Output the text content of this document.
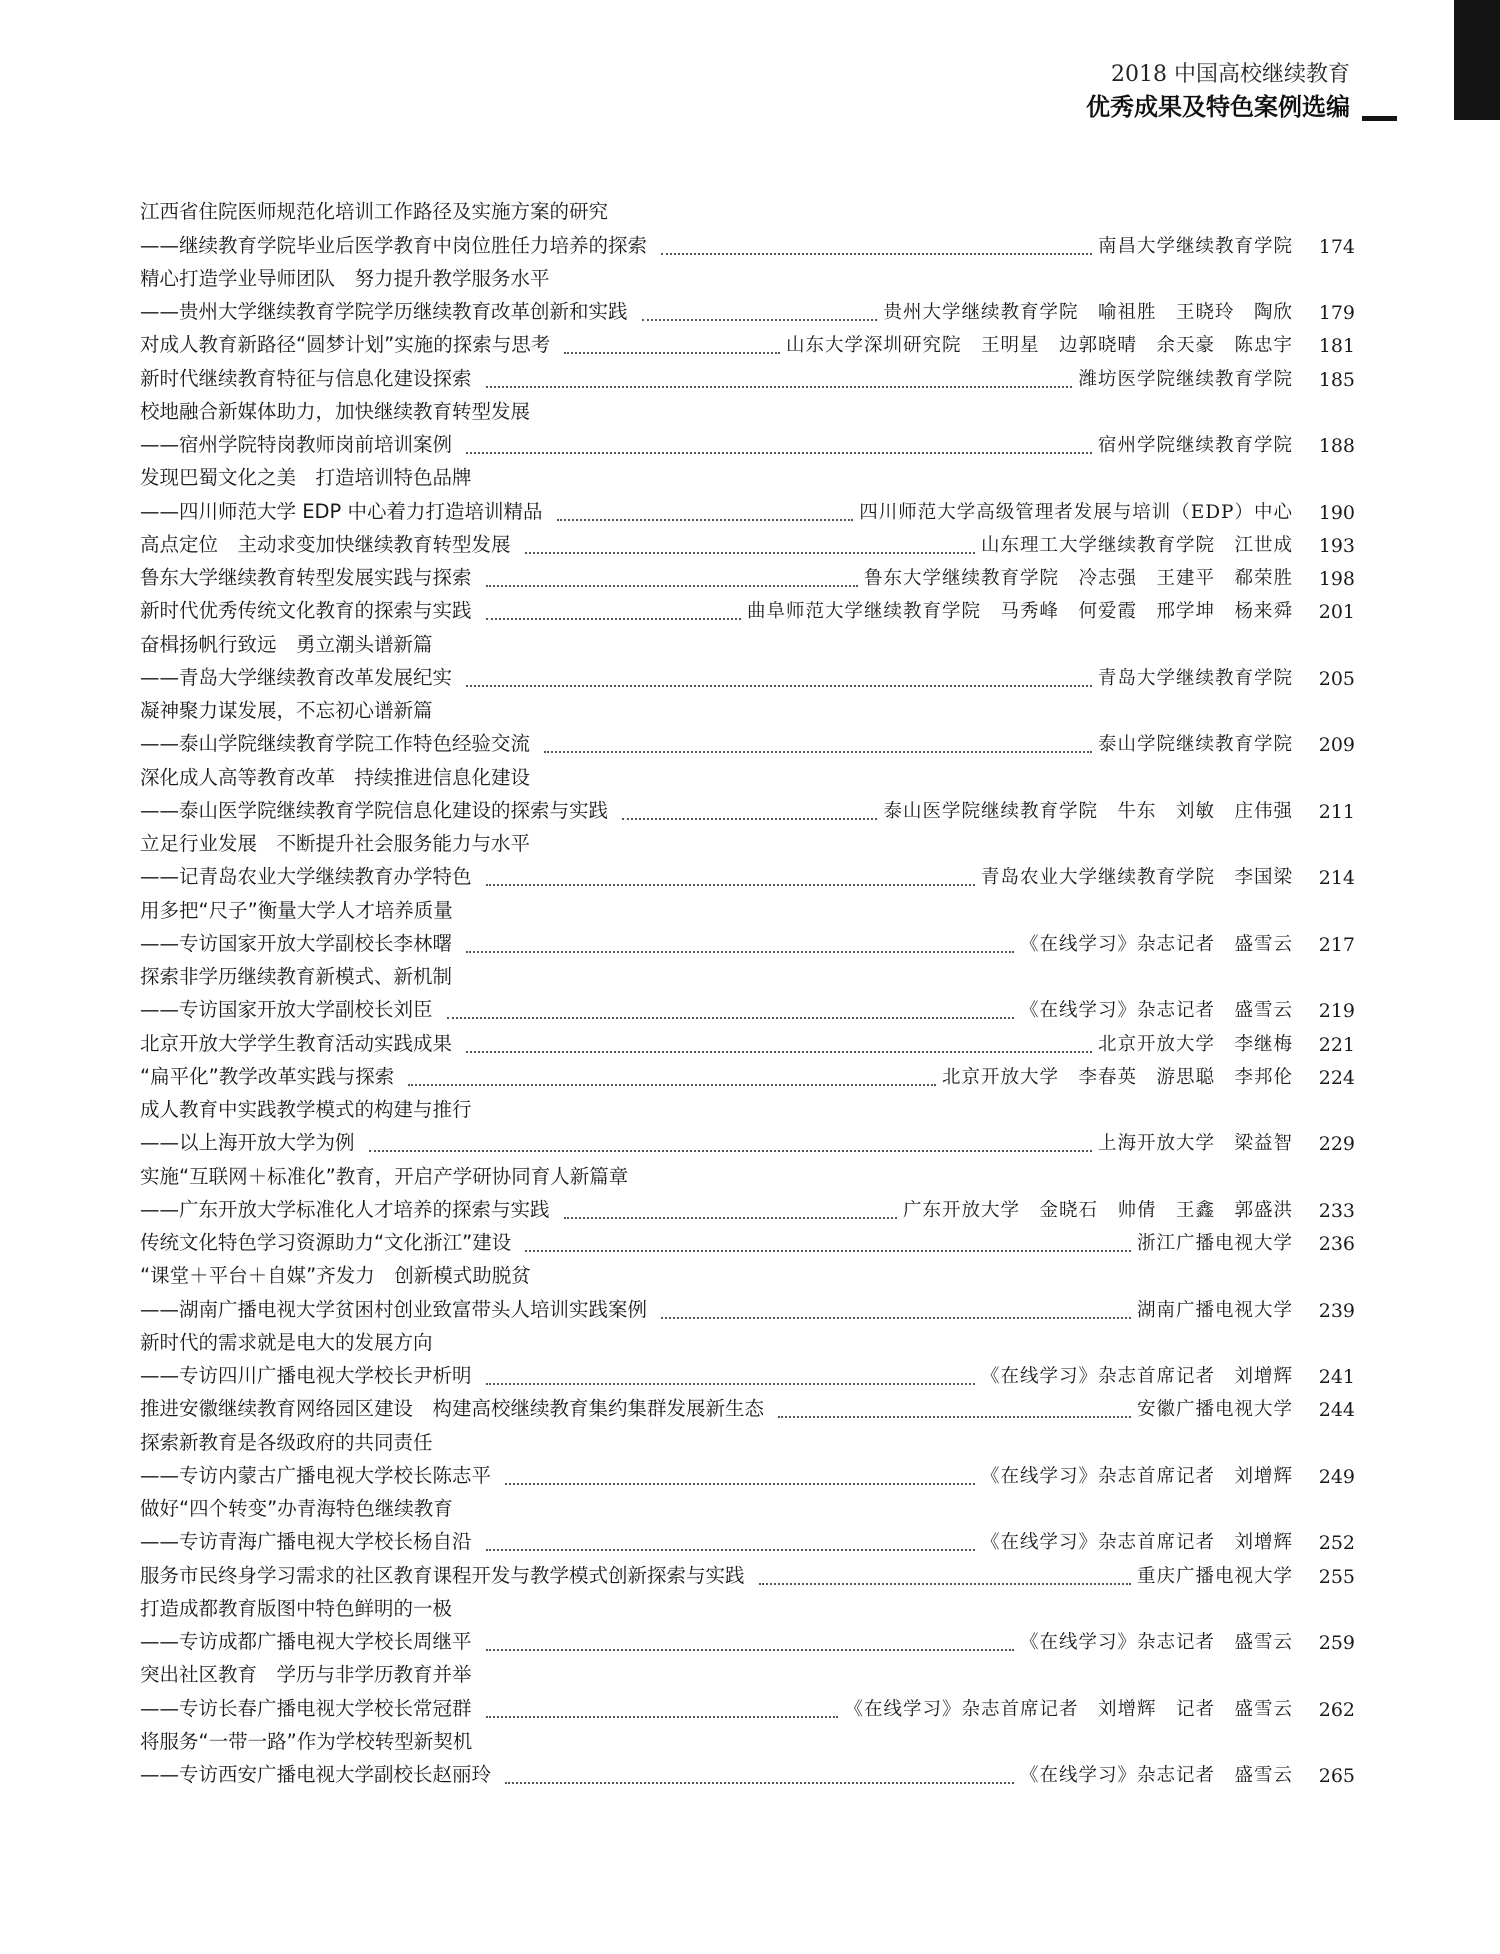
2018 中国高校继续教育
优秀成果及特色案例选编
江西省住院医师规范化培训工作路径及实施方案的研究
——继续教育学院毕业后医学教育中岗位胜任力培养的探索	南昌大学继续教育学院 174
精心打造学业导师团队　努力提升教学服务水平
——贵州大学继续教育学院学历继续教育改革创新和实践	贵州大学继续教育学院　喻祖胜　王晓玲　陶欣 179
对成人教育新路径“圆梦计划”实施的探索与思考	山东大学深圳研究院　王明星　边郭晓晴　余天豪　陈忠宇 181
新时代继续教育特征与信息化建设探索	潍坊医学院继续教育学院 185
校地融合新媒体助力，加快继续教育转型发展
——宿州学院特岗教师岗前培训案例	宿州学院继续教育学院 188
发现巴蜀文化之美　打造培训特色品牌
——四川师范大学 EDP 中心着力打造培训精品	四川师范大学高级管理者发展与培训（EDP）中心 190
高点定位　主动求变加快继续教育转型发展	山东理工大学继续教育学院　江世成 193
鲁东大学继续教育转型发展实践与探索	鲁东大学继续教育学院　冷志强　王建平　郗荣胜 198
新时代优秀传统文化教育的探索与实践	曲阜师范大学继续教育学院　马秀峰　何爱霞　邢学坤　杨来舜 201
奋楫扬帆行致远　勇立潮头谱新篇
——青岛大学继续教育改革发展纪实	青岛大学继续教育学院 205
凝神聚力谋发展，不忘初心谱新篇
——泰山学院继续教育学院工作特色经验交流	泰山学院继续教育学院 209
深化成人高等教育改革　持续推进信息化建设
——泰山医学院继续教育学院信息化建设的探索与实践	泰山医学院继续教育学院　牛东　刘敏　庄伟强 211
立足行业发展　不断提升社会服务能力与水平
——记青岛农业大学继续教育办学特色	青岛农业大学继续教育学院　李国梁 214
用多把“尺子”衡量大学人才培养质量
——专访国家开放大学副校长李林曙	《在线学习》杂志记者　盛雪云 217
探索非学历继续教育新模式、新机制
——专访国家开放大学副校长刘臣	《在线学习》杂志记者　盛雪云 219
北京开放大学学生教育活动实践成果	北京开放大学　李继梅 221
“扁平化”教学改革实践与探索	北京开放大学　李春英　游思聪　李邦伦 224
成人教育中实践教学模式的构建与推行
——以上海开放大学为例	上海开放大学　梁益智 229
实施“互联网＋标准化”教育，开启产学研协同育人新篇章
——广东开放大学标准化人才培养的探索与实践	广东开放大学　金晓石　帅倩　王鑫　郭盛洪 233
传统文化特色学习资源助力“文化浙江”建设	浙江广播电视大学 236
“课堂＋平台＋自媒”齐发力　创新模式助脱贫
——湖南广播电视大学贫困村创业致富带头人培训实践案例	湖南广播电视大学 239
新时代的需求就是电大的发展方向
——专访四川广播电视大学校长尹析明	《在线学习》杂志首席记者　刘增辉 241
推进安徽继续教育网络园区建设　构建高校继续教育集约集群发展新生态	安徽广播电视大学 244
探索新教育是各级政府的共同责任
——专访内蒙古广播电视大学校长陈志平	《在线学习》杂志首席记者　刘增辉 249
做好“四个转变”办青海特色继续教育
——专访青海广播电视大学校长杨自沿	《在线学习》杂志首席记者　刘增辉 252
服务市民终身学习需求的社区教育课程开发与教学模式创新探索与实践	重庆广播电视大学 255
打造成都教育版图中特色鲜明的一极
——专访成都广播电视大学校长周继平	《在线学习》杂志记者　盛雪云 259
突出社区教育　学历与非学历教育并举
——专访长春广播电视大学校长常冠群	《在线学习》杂志首席记者　刘增辉　记者　盛雪云 262
将服务“一带一路”作为学校转型新契机
——专访西安广播电视大学副校长赵丽玲	《在线学习》杂志记者　盛雪云 265
